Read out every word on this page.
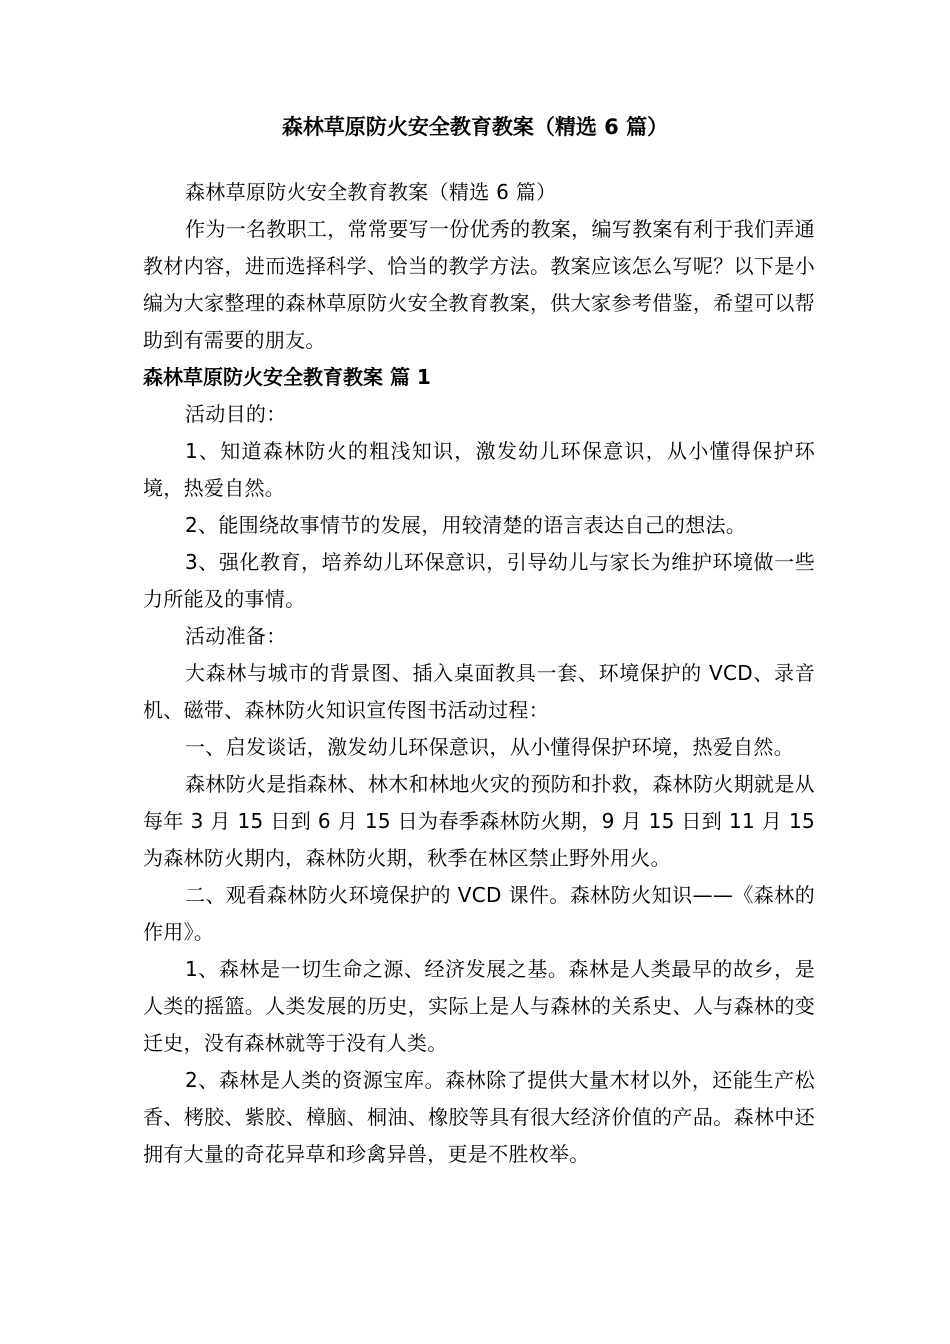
森林草原防火安全教育教案（精选 6 篇）

森林草原防火安全教育教案（精选 6 篇）

作为一名教职工，常常要写一份优秀的教案，编写教案有利于我们弄通教材内容，进而选择科学、恰当的教学方法。教案应该怎么写呢？以下是小编为大家整理的森林草原防火安全教育教案，供大家参考借鉴，希望可以帮助到有需要的朋友。

森林草原防火安全教育教案 篇 1

活动目的：

1、知道森林防火的粗浅知识，激发幼儿环保意识，从小懂得保护环境，热爱自然。

2、能围绕故事情节的发展，用较清楚的语言表达自己的想法。

3、强化教育，培养幼儿环保意识，引导幼儿与家长为维护环境做一些力所能及的事情。

活动准备：

大森林与城市的背景图、插入桌面教具一套、环境保护的 VCD、录音机、磁带、森林防火知识宣传图书活动过程：

一、启发谈话，激发幼儿环保意识，从小懂得保护环境，热爱自然。

森林防火是指森林、林木和林地火灾的预防和扑救，森林防火期就是从每年 3 月 15 日到 6 月 15 日为春季森林防火期，9 月 15 日到 11 月 15 为森林防火期内，森林防火期，秋季在林区禁止野外用火。

二、观看森林防火环境保护的 VCD 课件。森林防火知识——《森林的作用》。

1、森林是一切生命之源、经济发展之基。森林是人类最早的故乡，是人类的摇篮。人类发展的历史，实际上是人与森林的关系史、人与森林的变迁史，没有森林就等于没有人类。

2、森林是人类的资源宝库。森林除了提供大量木材以外，还能生产松香、栲胶、紫胶、樟脑、桐油、橡胶等具有很大经济价值的产品。森林中还拥有大量的奇花异草和珍禽异兽，更是不胜枚举。
